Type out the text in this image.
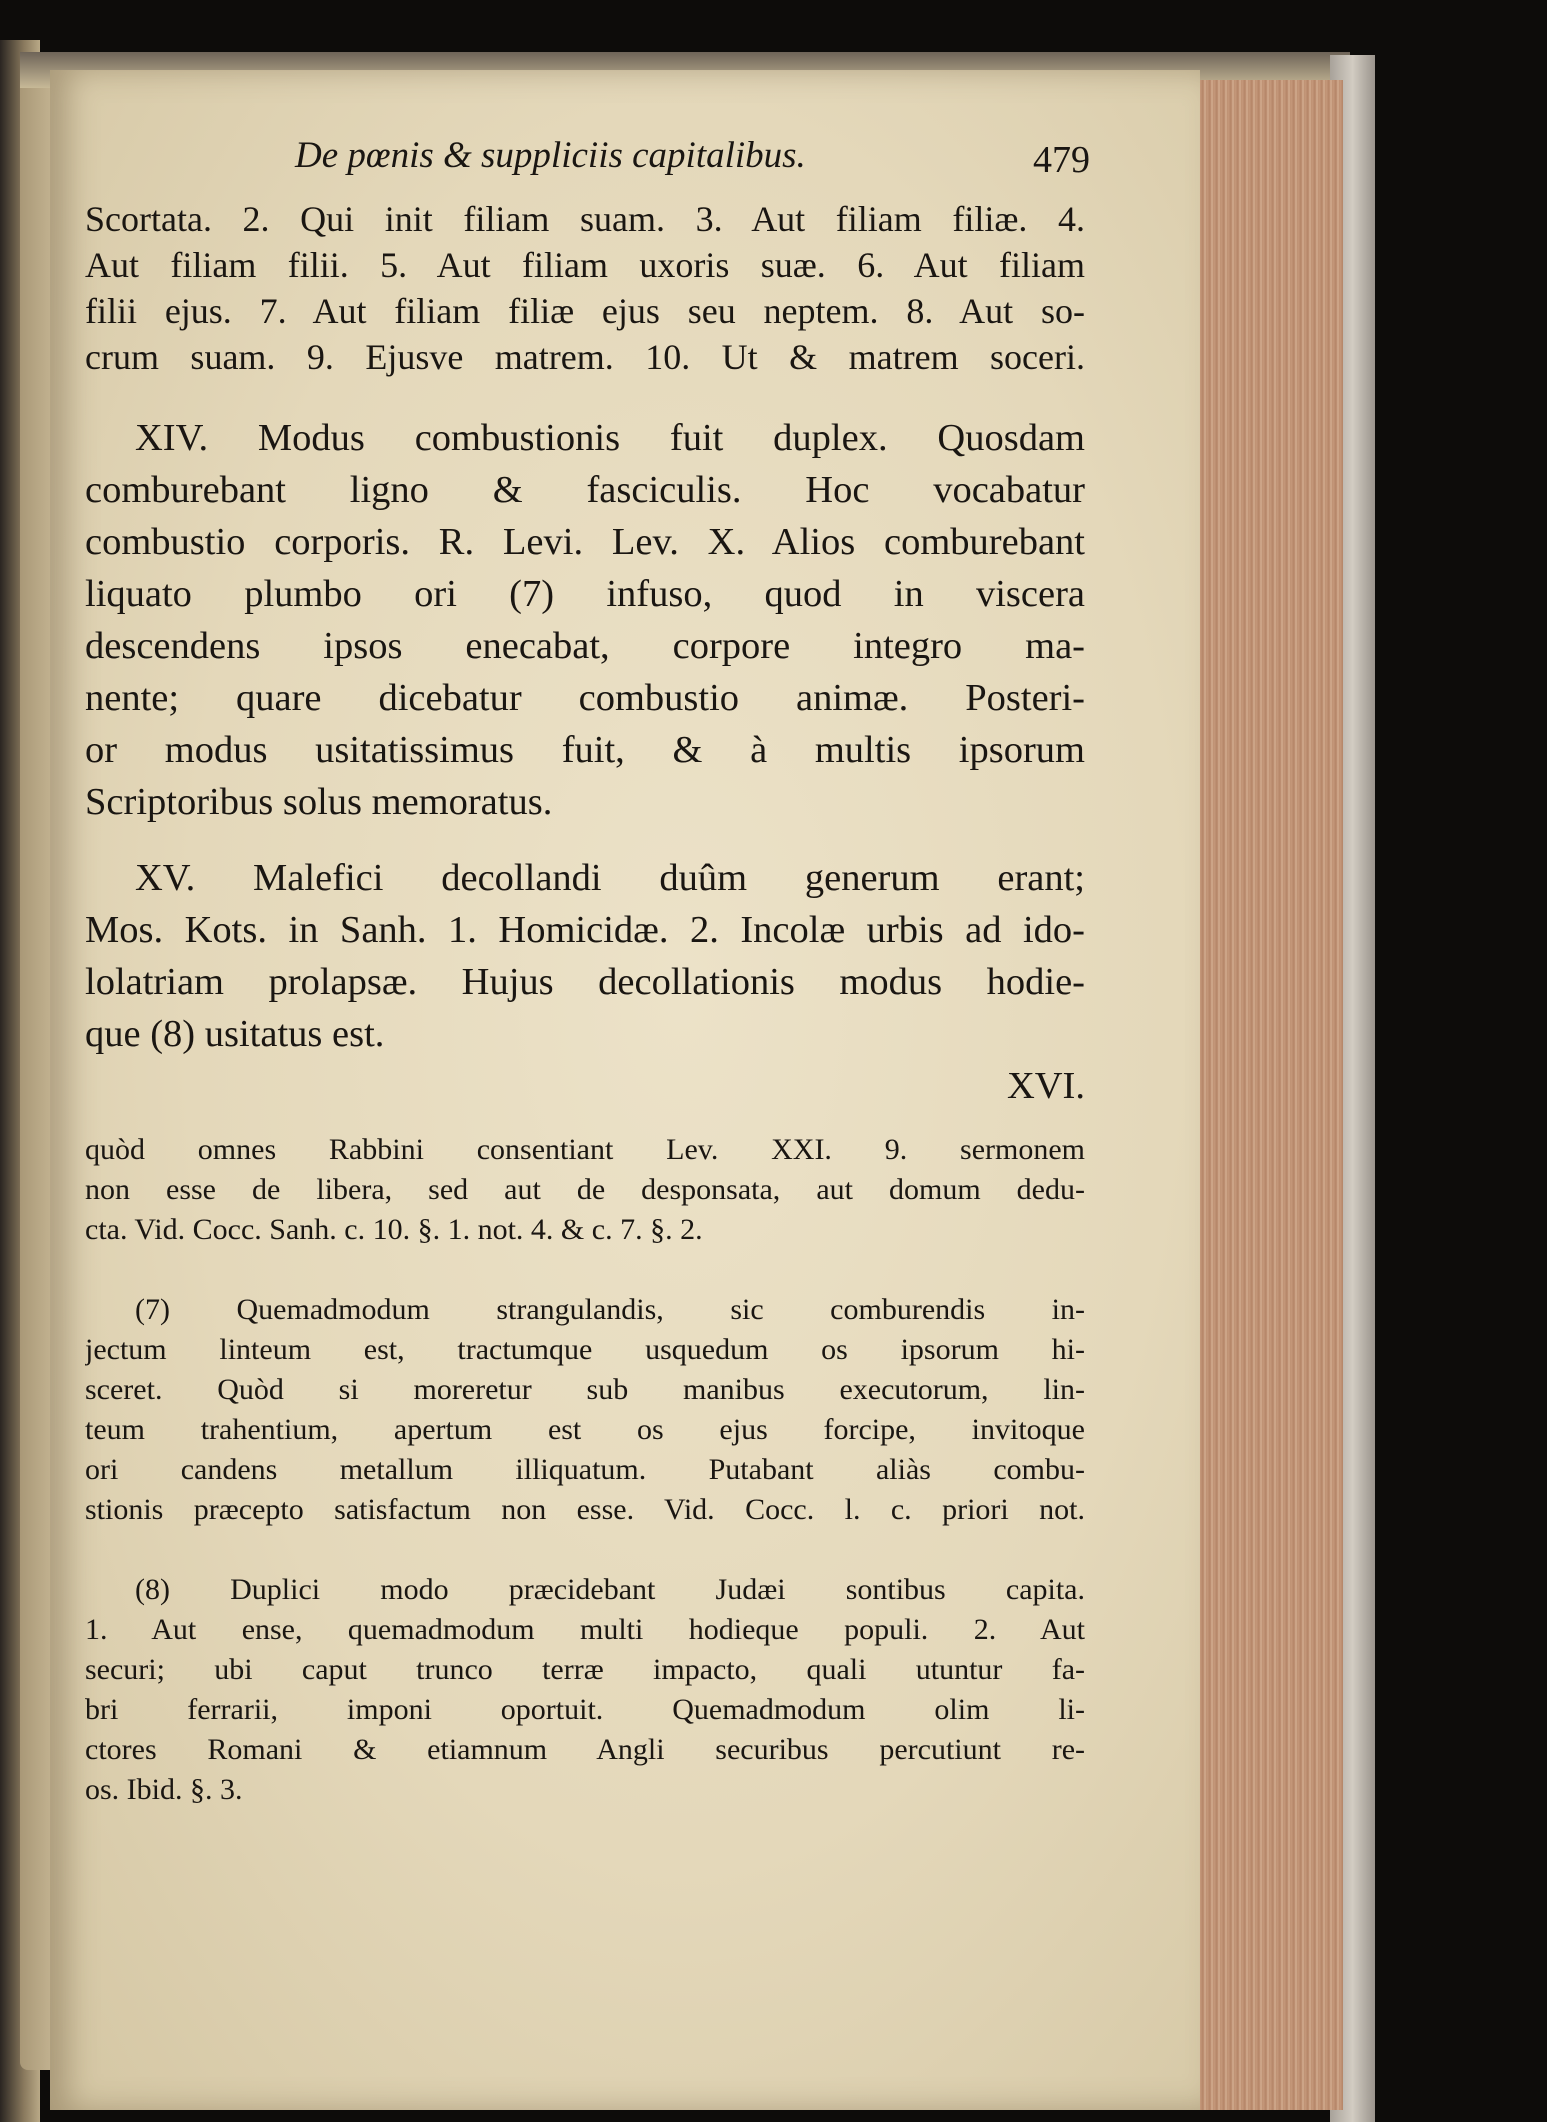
De pœnis & suppliciis capitalibus.	479
Scortata. 2. Qui init filiam suam. 3. Aut filiam filiæ. 4.
Aut filiam filii. 5. Aut filiam uxoris suæ. 6. Aut filiam
filii ejus. 7. Aut filiam filiæ ejus seu neptem. 8. Aut so-
crum suam. 9. Ejusve matrem. 10. Ut & matrem soceri.
XIV. Modus combustionis fuit duplex. Quosdam
comburebant ligno & fasciculis. Hoc vocabatur
combustio corporis. R. Levi. Lev. X. Alios comburebant
liquato plumbo ori (7) infuso, quod in viscera
descendens ipsos enecabat, corpore integro ma-
nente; quare dicebatur combustio animæ. Posteri-
or modus usitatissimus fuit, & à multis ipsorum
Scriptoribus solus memoratus.
XV. Malefici decollandi duûm generum erant;
Mos. Kots. in Sanh. 1. Homicidæ. 2. Incolæ urbis ad ido-
lolatriam prolapsæ. Hujus decollationis modus hodie-
que (8) usitatus est.
XVI.
quòd omnes Rabbini consentiant Lev. XXI. 9. sermonem
non esse de libera, sed aut de desponsata, aut domum dedu-
cta. Vid. Cocc. Sanh. c. 10. §. 1. not. 4. & c. 7. §. 2.
(7) Quemadmodum strangulandis, sic comburendis in-
jectum linteum est, tractumque usquedum os ipsorum hi-
sceret. Quòd si moreretur sub manibus executorum, lin-
teum trahentium, apertum est os ejus forcipe, invitoque
ori candens metallum illiquatum. Putabant aliàs combu-
stionis præcepto satisfactum non esse. Vid. Cocc. l. c. priori not.
(8) Duplici modo præcidebant Judæi sontibus capita.
1. Aut ense, quemadmodum multi hodieque populi. 2. Aut
securi; ubi caput trunco terræ impacto, quali utuntur fa-
bri ferrarii, imponi oportuit. Quemadmodum olim li-
ctores Romani & etiamnum Angli securibus percutiunt re-
os. Ibid. §. 3.
